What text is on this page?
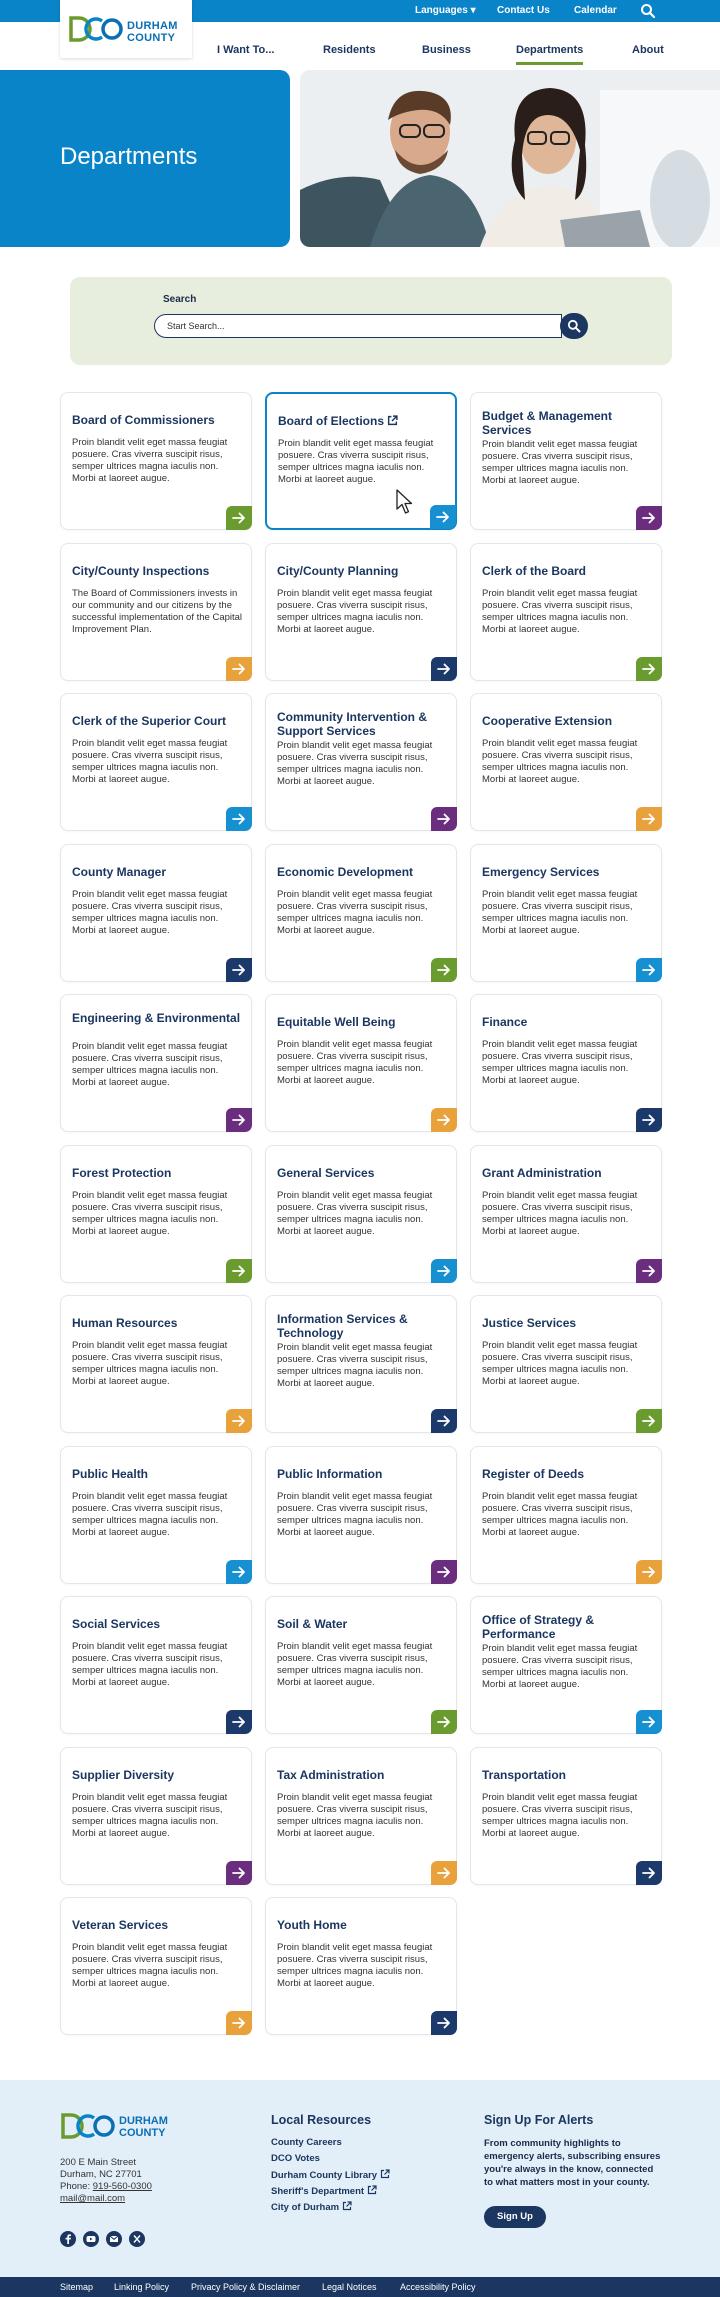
Languages ▾ Contact Us Calendar
I Want To...	Residents	Business	Departments	About
DURHAM
COUNTY
Departments
Search
Start Search...
Board of Commissioners
Proin blandit velit eget massa feugiat posuere. Cras viverra suscipit risus, semper ultrices magna iaculis non. Morbi at laoreet augue.
Board of Elections
Proin blandit velit eget massa feugiat posuere. Cras viverra suscipit risus, semper ultrices magna iaculis non. Morbi at laoreet augue.
Budget & Management Services
Proin blandit velit eget massa feugiat posuere. Cras viverra suscipit risus, semper ultrices magna iaculis non. Morbi at laoreet augue.
City/County Inspections
The Board of Commissioners invests in our community and our citizens by the successful implementation of the Capital Improvement Plan.
City/County Planning
Proin blandit velit eget massa feugiat posuere. Cras viverra suscipit risus, semper ultrices magna iaculis non. Morbi at laoreet augue.
Clerk of the Board
Proin blandit velit eget massa feugiat posuere. Cras viverra suscipit risus, semper ultrices magna iaculis non. Morbi at laoreet augue.
Clerk of the Superior Court
Proin blandit velit eget massa feugiat posuere. Cras viverra suscipit risus, semper ultrices magna iaculis non. Morbi at laoreet augue.
Community Intervention & Support Services
Proin blandit velit eget massa feugiat posuere. Cras viverra suscipit risus, semper ultrices magna iaculis non. Morbi at laoreet augue.
Cooperative Extension
Proin blandit velit eget massa feugiat posuere. Cras viverra suscipit risus, semper ultrices magna iaculis non. Morbi at laoreet augue.
County Manager
Proin blandit velit eget massa feugiat posuere. Cras viverra suscipit risus, semper ultrices magna iaculis non. Morbi at laoreet augue.
Economic Development
Proin blandit velit eget massa feugiat posuere. Cras viverra suscipit risus, semper ultrices magna iaculis non. Morbi at laoreet augue.
Emergency Services
Proin blandit velit eget massa feugiat posuere. Cras viverra suscipit risus, semper ultrices magna iaculis non. Morbi at laoreet augue.
Engineering & Environmental
Proin blandit velit eget massa feugiat posuere. Cras viverra suscipit risus, semper ultrices magna iaculis non. Morbi at laoreet augue.
Equitable Well Being
Proin blandit velit eget massa feugiat posuere. Cras viverra suscipit risus, semper ultrices magna iaculis non. Morbi at laoreet augue.
Finance
Proin blandit velit eget massa feugiat posuere. Cras viverra suscipit risus, semper ultrices magna iaculis non. Morbi at laoreet augue.
Forest Protection
Proin blandit velit eget massa feugiat posuere. Cras viverra suscipit risus, semper ultrices magna iaculis non. Morbi at laoreet augue.
General Services
Proin blandit velit eget massa feugiat posuere. Cras viverra suscipit risus, semper ultrices magna iaculis non. Morbi at laoreet augue.
Grant Administration
Proin blandit velit eget massa feugiat posuere. Cras viverra suscipit risus, semper ultrices magna iaculis non. Morbi at laoreet augue.
Human Resources
Proin blandit velit eget massa feugiat posuere. Cras viverra suscipit risus, semper ultrices magna iaculis non. Morbi at laoreet augue.
Information Services & Technology
Proin blandit velit eget massa feugiat posuere. Cras viverra suscipit risus, semper ultrices magna iaculis non. Morbi at laoreet augue.
Justice Services
Proin blandit velit eget massa feugiat posuere. Cras viverra suscipit risus, semper ultrices magna iaculis non. Morbi at laoreet augue.
Public Health
Proin blandit velit eget massa feugiat posuere. Cras viverra suscipit risus, semper ultrices magna iaculis non. Morbi at laoreet augue.
Public Information
Proin blandit velit eget massa feugiat posuere. Cras viverra suscipit risus, semper ultrices magna iaculis non. Morbi at laoreet augue.
Register of Deeds
Proin blandit velit eget massa feugiat posuere. Cras viverra suscipit risus, semper ultrices magna iaculis non. Morbi at laoreet augue.
Social Services
Proin blandit velit eget massa feugiat posuere. Cras viverra suscipit risus, semper ultrices magna iaculis non. Morbi at laoreet augue.
Soil & Water
Proin blandit velit eget massa feugiat posuere. Cras viverra suscipit risus, semper ultrices magna iaculis non. Morbi at laoreet augue.
Office of Strategy & Performance
Proin blandit velit eget massa feugiat posuere. Cras viverra suscipit risus, semper ultrices magna iaculis non. Morbi at laoreet augue.
Supplier Diversity
Proin blandit velit eget massa feugiat posuere. Cras viverra suscipit risus, semper ultrices magna iaculis non. Morbi at laoreet augue.
Tax Administration
Proin blandit velit eget massa feugiat posuere. Cras viverra suscipit risus, semper ultrices magna iaculis non. Morbi at laoreet augue.
Transportation
Proin blandit velit eget massa feugiat posuere. Cras viverra suscipit risus, semper ultrices magna iaculis non. Morbi at laoreet augue.
Veteran Services
Proin blandit velit eget massa feugiat posuere. Cras viverra suscipit risus, semper ultrices magna iaculis non. Morbi at laoreet augue.
Youth Home
Proin blandit velit eget massa feugiat posuere. Cras viverra suscipit risus, semper ultrices magna iaculis non. Morbi at laoreet augue.
DURHAM
COUNTY
200 E Main Street
Durham, NC 27701
Phone: 919-560-0300
mail@mail.com
Local Resources
County Careers
DCO Votes
Durham County Library
Sheriff's Department
City of Durham
Sign Up For Alerts
From community highlights to emergency alerts, subscribing ensures you're always in the know, connected to what matters most in your county.
Sign Up
Sitemap Linking Policy Privacy Policy & Disclaimer Legal Notices	Accessibility Policy
